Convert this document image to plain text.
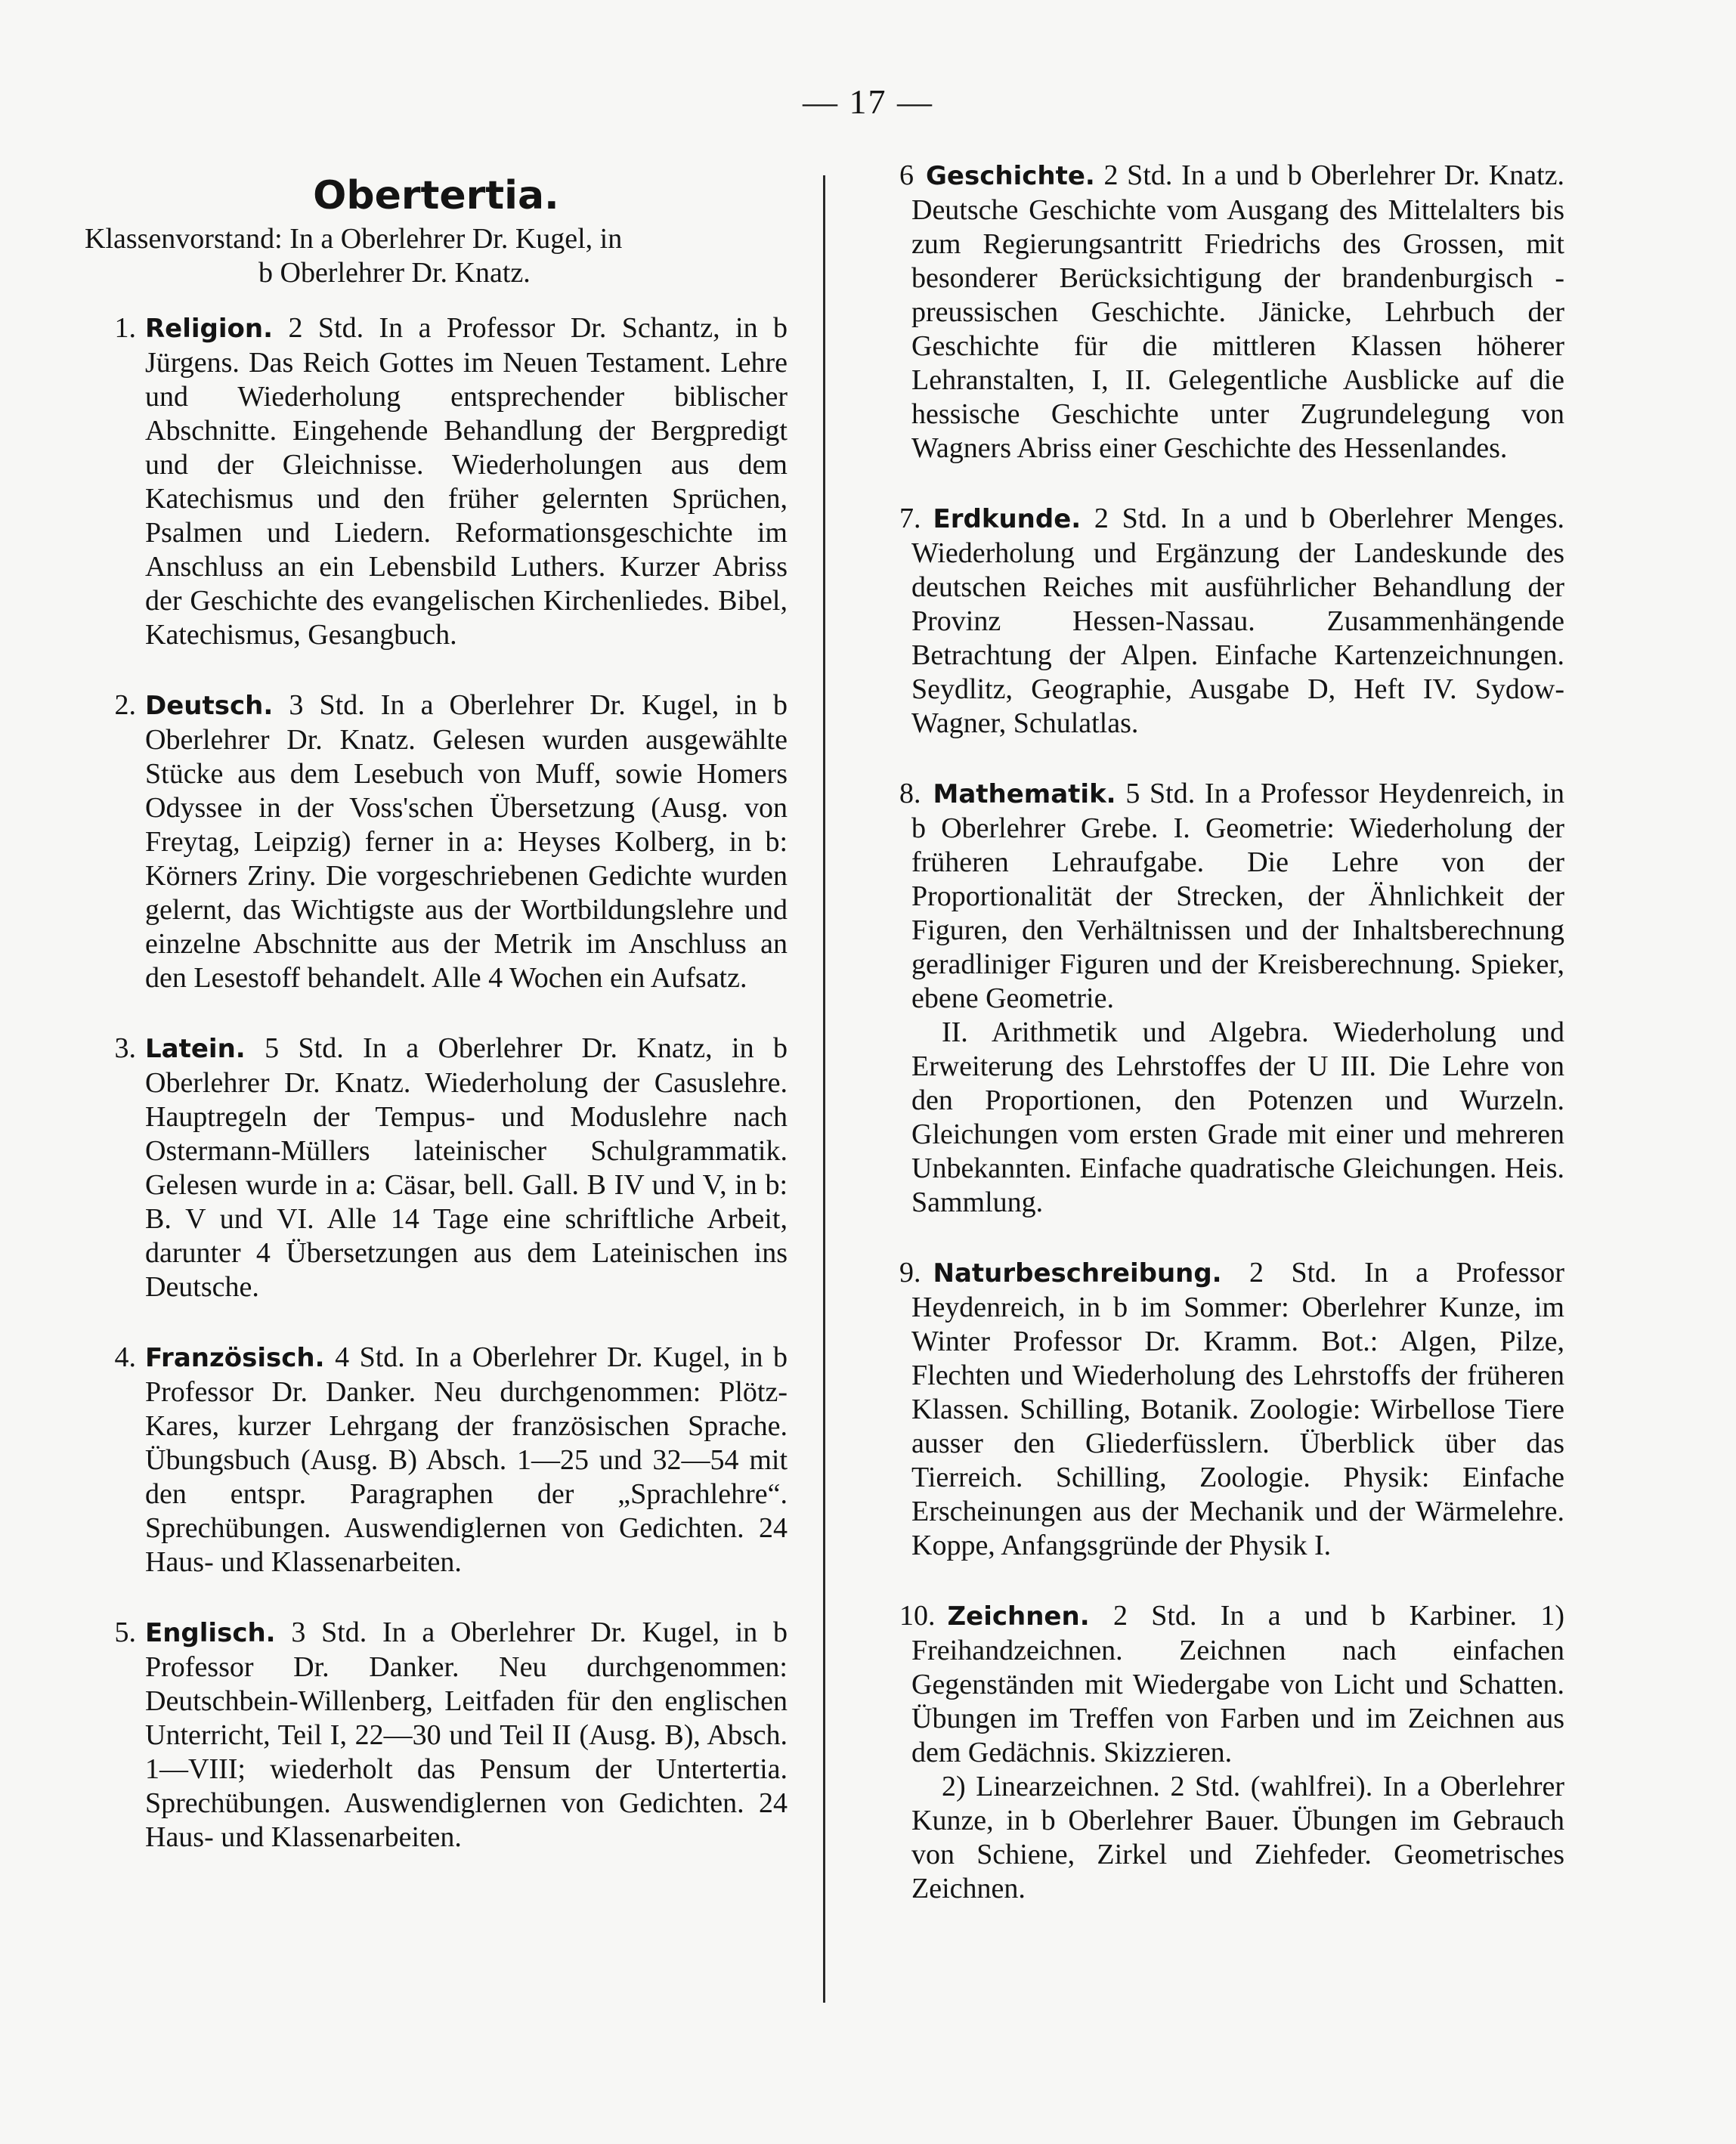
— 17 —
Obertertia.
Klassenvorstand: In a Oberlehrer Dr. Kugel, in
b Oberlehrer Dr. Knatz.
1. Religion. 2 Std. In a Professor Dr. Schantz, in b Jürgens. Das Reich Gottes im Neuen Testament. Lehre und Wiederholung entsprechender biblischer Abschnitte. Eingehende Behandlung der Bergpredigt und der Gleichnisse. Wiederholungen aus dem Katechismus und den früher gelernten Sprüchen, Psalmen und Liedern. Reformationsgeschichte im Anschluss an ein Lebensbild Luthers. Kurzer Abriss der Geschichte des evangelischen Kirchenliedes. Bibel, Katechismus, Gesangbuch.
2. Deutsch. 3 Std. In a Oberlehrer Dr. Kugel, in b Oberlehrer Dr. Knatz. Gelesen wurden ausgewählte Stücke aus dem Lesebuch von Muff, sowie Homers Odyssee in der Voss'schen Übersetzung (Ausg. von Freytag, Leipzig) ferner in a: Heyses Kolberg, in b: Körners Zriny. Die vorgeschriebenen Gedichte wurden gelernt, das Wichtigste aus der Wortbildungslehre und einzelne Abschnitte aus der Metrik im Anschluss an den Lesestoff behandelt. Alle 4 Wochen ein Aufsatz.
3. Latein. 5 Std. In a Oberlehrer Dr. Knatz, in b Oberlehrer Dr. Knatz. Wiederholung der Casuslehre. Hauptregeln der Tempus- und Moduslehre nach Ostermann-Müllers lateinischer Schulgrammatik. Gelesen wurde in a: Cäsar, bell. Gall. B IV und V, in b: B. V und VI. Alle 14 Tage eine schriftliche Arbeit, darunter 4 Übersetzungen aus dem Lateinischen ins Deutsche.
4. Französisch. 4 Std. In a Oberlehrer Dr. Kugel, in b Professor Dr. Danker. Neu durchgenommen: Plötz-Kares, kurzer Lehrgang der französischen Sprache. Übungsbuch (Ausg. B) Absch. 1—25 und 32—54 mit den entspr. Paragraphen der „Sprachlehre“. Sprechübungen. Auswendiglernen von Gedichten. 24 Haus- und Klassenarbeiten.
5. Englisch. 3 Std. In a Oberlehrer Dr. Kugel, in b Professor Dr. Danker. Neu durchgenommen: Deutschbein-Willenberg, Leitfaden für den englischen Unterricht, Teil I, 22—30 und Teil II (Ausg. B), Absch. 1—VIII; wiederholt das Pensum der Untertertia. Sprechübungen. Auswendiglernen von Gedichten. 24 Haus- und Klassenarbeiten.
6 Geschichte. 2 Std. In a und b Oberlehrer Dr. Knatz. Deutsche Geschichte vom Ausgang des Mittelalters bis zum Regierungsantritt Friedrichs des Grossen, mit besonderer Berücksichtigung der brandenburgisch - preussischen Geschichte. Jänicke, Lehrbuch der Geschichte für die mittleren Klassen höherer Lehranstalten, I, II. Gelegentliche Ausblicke auf die hessische Geschichte unter Zugrundelegung von Wagners Abriss einer Geschichte des Hessenlandes.
7. Erdkunde. 2 Std. In a und b Oberlehrer Menges. Wiederholung und Ergänzung der Landeskunde des deutschen Reiches mit ausführlicher Behandlung der Provinz Hessen-Nassau. Zusammenhängende Betrachtung der Alpen. Einfache Kartenzeichnungen. Seydlitz, Geographie, Ausgabe D, Heft IV. Sydow-Wagner, Schulatlas.
8. Mathematik. 5 Std. In a Professor Heydenreich, in b Oberlehrer Grebe. I. Geometrie: Wiederholung der früheren Lehraufgabe. Die Lehre von der Proportionalität der Strecken, der Ähnlichkeit der Figuren, den Verhältnissen und der Inhaltsberechnung geradliniger Figuren und der Kreisberechnung. Spieker, ebene Geometrie.
II. Arithmetik und Algebra. Wiederholung und Erweiterung des Lehrstoffes der U III. Die Lehre von den Proportionen, den Potenzen und Wurzeln. Gleichungen vom ersten Grade mit einer und mehreren Unbekannten. Einfache quadratische Gleichungen. Heis. Sammlung.
9. Naturbeschreibung. 2 Std. In a Professor Heydenreich, in b im Sommer: Oberlehrer Kunze, im Winter Professor Dr. Kramm. Bot.: Algen, Pilze, Flechten und Wiederholung des Lehrstoffs der früheren Klassen. Schilling, Botanik. Zoologie: Wirbellose Tiere ausser den Gliederfüsslern. Überblick über das Tierreich. Schilling, Zoologie. Physik: Einfache Erscheinungen aus der Mechanik und der Wärmelehre. Koppe, Anfangsgründe der Physik I.
10. Zeichnen. 2 Std. In a und b Karbiner. 1) Freihandzeichnen. Zeichnen nach einfachen Gegenständen mit Wiedergabe von Licht und Schatten. Übungen im Treffen von Farben und im Zeichnen aus dem Gedächnis. Skizzieren.
2) Linearzeichnen. 2 Std. (wahlfrei). In a Oberlehrer Kunze, in b Oberlehrer Bauer. Übungen im Gebrauch von Schiene, Zirkel und Ziehfeder. Geometrisches Zeichnen.
